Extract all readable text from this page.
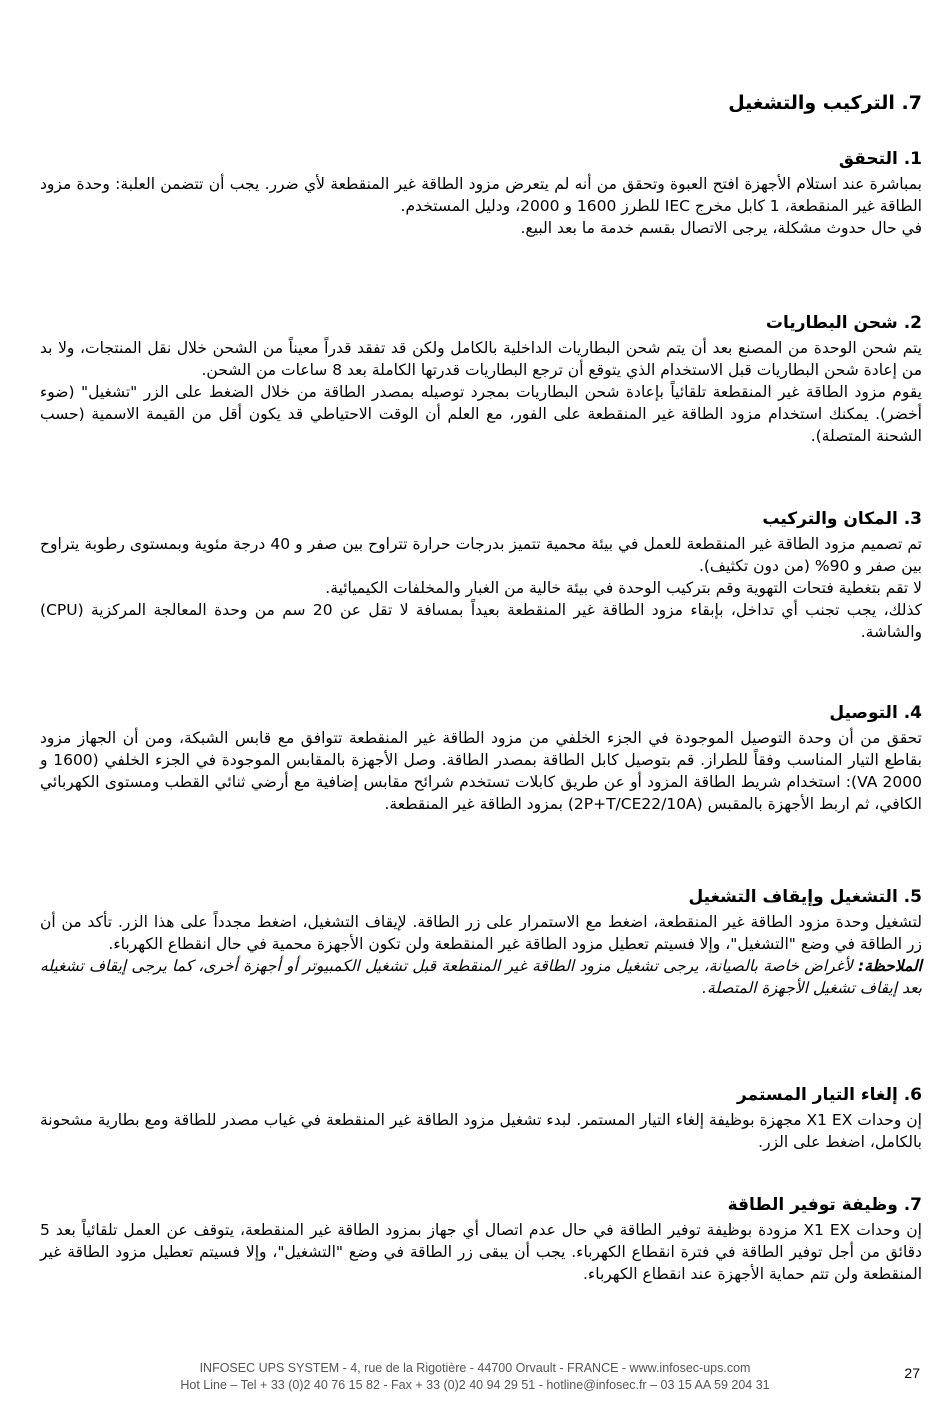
7. التركيب والتشغيل
1. التحقق

بمباشرة عند استلام الأجهزة افتح العبوة وتحقق من أنه لم يتعرض مزود الطاقة غير المنقطعة لأي ضرر. يجب أن تتضمن العلبة: وحدة مزود الطاقة غير المنقطعة، 1 كابل مخرج IEC للطرز 1600 و 2000، ودليل المستخدم.

في حال حدوث مشكلة، يرجى الاتصال بقسم خدمة ما بعد البيع.

2. شحن البطاريات

يتم شحن الوحدة من المصنع بعد أن يتم شحن البطاريات الداخلية بالكامل ولكن قد تفقد قدراً معيناً من الشحن خلال نقل المنتجات، ولا بد من إعادة شحن البطاريات قبل الاستخدام الذي يتوقع أن ترجع البطاريات قدرتها الكاملة بعد 8 ساعات من الشحن.

يقوم مزود الطاقة غير المنقطعة تلقائياً بإعادة شحن البطاريات بمجرد توصيله بمصدر الطاقة من خلال الضغط على الزر "تشغيل" (ضوء أخضر). يمكنك استخدام مزود الطاقة غير المنقطعة على الفور، مع العلم أن الوقت الاحتياطي قد يكون أقل من القيمة الاسمية (حسب الشحنة المتصلة).

3. المكان والتركيب

تم تصميم مزود الطاقة غير المنقطعة للعمل في بيئة محمية تتميز بدرجات حرارة تتراوح بين صفر و 40 درجة مئوية وبمستوى رطوبة يتراوح بين صفر و 90% (من دون تكثيف).

لا تقم بتغطية فتحات التهوية وقم بتركيب الوحدة في بيئة خالية من الغبار والمخلفات الكيميائية.

كذلك، يجب تجنب أي تداخل، بإبقاء مزود الطاقة غير المنقطعة بعيداً بمسافة لا تقل عن 20 سم من وحدة المعالجة المركزية (CPU) والشاشة.

4. التوصيل

تحقق من أن وحدة التوصيل الموجودة في الجزء الخلفي من مزود الطاقة غير المنقطعة تتوافق مع قابس الشبكة، ومن أن الجهاز مزود بقاطع التيار المناسب وفقاً للطراز. قم بتوصيل كابل الطاقة بمصدر الطاقة. وصل الأجهزة بالمقابس الموجودة في الجزء الخلفي (1600 و 2000 VA): استخدام شريط الطاقة المزود أو عن طريق كابلات تستخدم شرائح مقابس إضافية مع أرضي ثنائي القطب ومستوى الكهربائي الكافي، ثم اربط الأجهزة بالمقبس (2P+T/CE22/10A) بمزود الطاقة غير المنقطعة.

5. التشغيل وإيقاف التشغيل

لتشغيل وحدة مزود الطاقة غير المنقطعة، اضغط مع الاستمرار على زر الطاقة. لإيقاف التشغيل، اضغط مجدداً على هذا الزر. تأكد من أن زر الطاقة في وضع "التشغيل"، وإلا فسيتم تعطيل مزود الطاقة غير المنقطعة ولن تكون الأجهزة محمية في حال انقطاع الكهرباء.

الملاحظة: لأغراض خاصة بالصيانة، يرجى تشغيل مزود الطاقة غير المنقطعة قبل تشغيل الكمبيوتر أو أجهزة أخرى، كما يرجى إيقاف تشغيله بعد إيقاف تشغيل الأجهزة المتصلة.

6. إلغاء التيار المستمر

إن وحدات X1 EX مجهزة بوظيفة إلغاء التيار المستمر. لبدء تشغيل مزود الطاقة غير المنقطعة في غياب مصدر للطاقة ومع بطارية مشحونة بالكامل، اضغط على الزر.

7. وظيفة توفير الطاقة

إن وحدات X1 EX مزودة بوظيفة توفير الطاقة في حال عدم اتصال أي جهاز بمزود الطاقة غير المنقطعة، يتوقف عن العمل تلقائياً بعد 5 دقائق من أجل توفير الطاقة في فترة انقطاع الكهرباء. يجب أن يبقى زر الطاقة في وضع "التشغيل"، وإلا فسيتم تعطيل مزود الطاقة غير المنقطعة ولن تتم حماية الأجهزة عند انقطاع الكهرباء.

INFOSEC UPS SYSTEM - 4, rue de la Rigotière - 44700 Orvault - FRANCE - www.infosec-ups.com
Hot Line – Tel + 33 (0)2 40 76 15 82 - Fax + 33 (0)2 40 94 29 51 - hotline@infosec.fr – 03 15 AA 59 204 31
27
